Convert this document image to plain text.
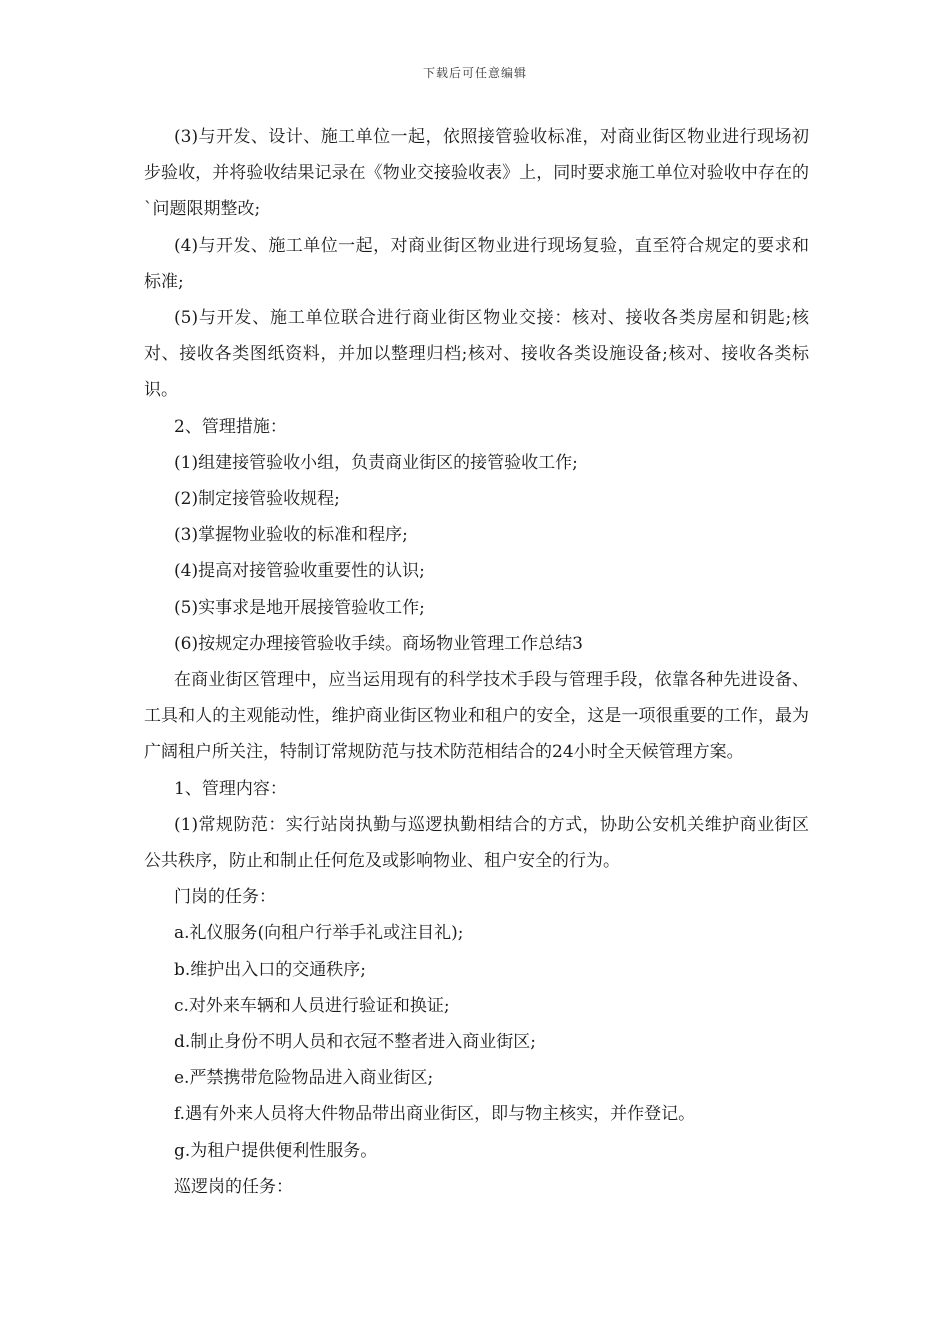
下载后可任意编辑

(3)与开发、设计、施工单位一起，依照接管验收标准，对商业街区物业进行现场初步验收，并将验收结果记录在《物业交接验收表》上，同时要求施工单位对验收中存在的`问题限期整改;

(4)与开发、施工单位一起，对商业街区物业进行现场复验，直至符合规定的要求和标准;

(5)与开发、施工单位联合进行商业街区物业交接：核对、接收各类房屋和钥匙;核对、接收各类图纸资料，并加以整理归档;核对、接收各类设施设备;核对、接收各类标识。

2、管理措施：

(1)组建接管验收小组，负责商业街区的接管验收工作;

(2)制定接管验收规程;

(3)掌握物业验收的标准和程序;

(4)提高对接管验收重要性的认识;

(5)实事求是地开展接管验收工作;

(6)按规定办理接管验收手续。商场物业管理工作总结3

在商业街区管理中，应当运用现有的科学技术手段与管理手段，依靠各种先进设备、工具和人的主观能动性，维护商业街区物业和租户的安全，这是一项很重要的工作，最为广阔租户所关注，特制订常规防范与技术防范相结合的24小时全天候管理方案。

1、管理内容：

(1)常规防范：实行站岗执勤与巡逻执勤相结合的方式，协助公安机关维护商业街区公共秩序，防止和制止任何危及或影响物业、租户安全的行为。

门岗的任务：

a.礼仪服务(向租户行举手礼或注目礼);

b.维护出入口的交通秩序;

c.对外来车辆和人员进行验证和换证;

d.制止身份不明人员和衣冠不整者进入商业街区;

e.严禁携带危险物品进入商业街区;

f.遇有外来人员将大件物品带出商业街区，即与物主核实，并作登记。

g.为租户提供便利性服务。

巡逻岗的任务：
